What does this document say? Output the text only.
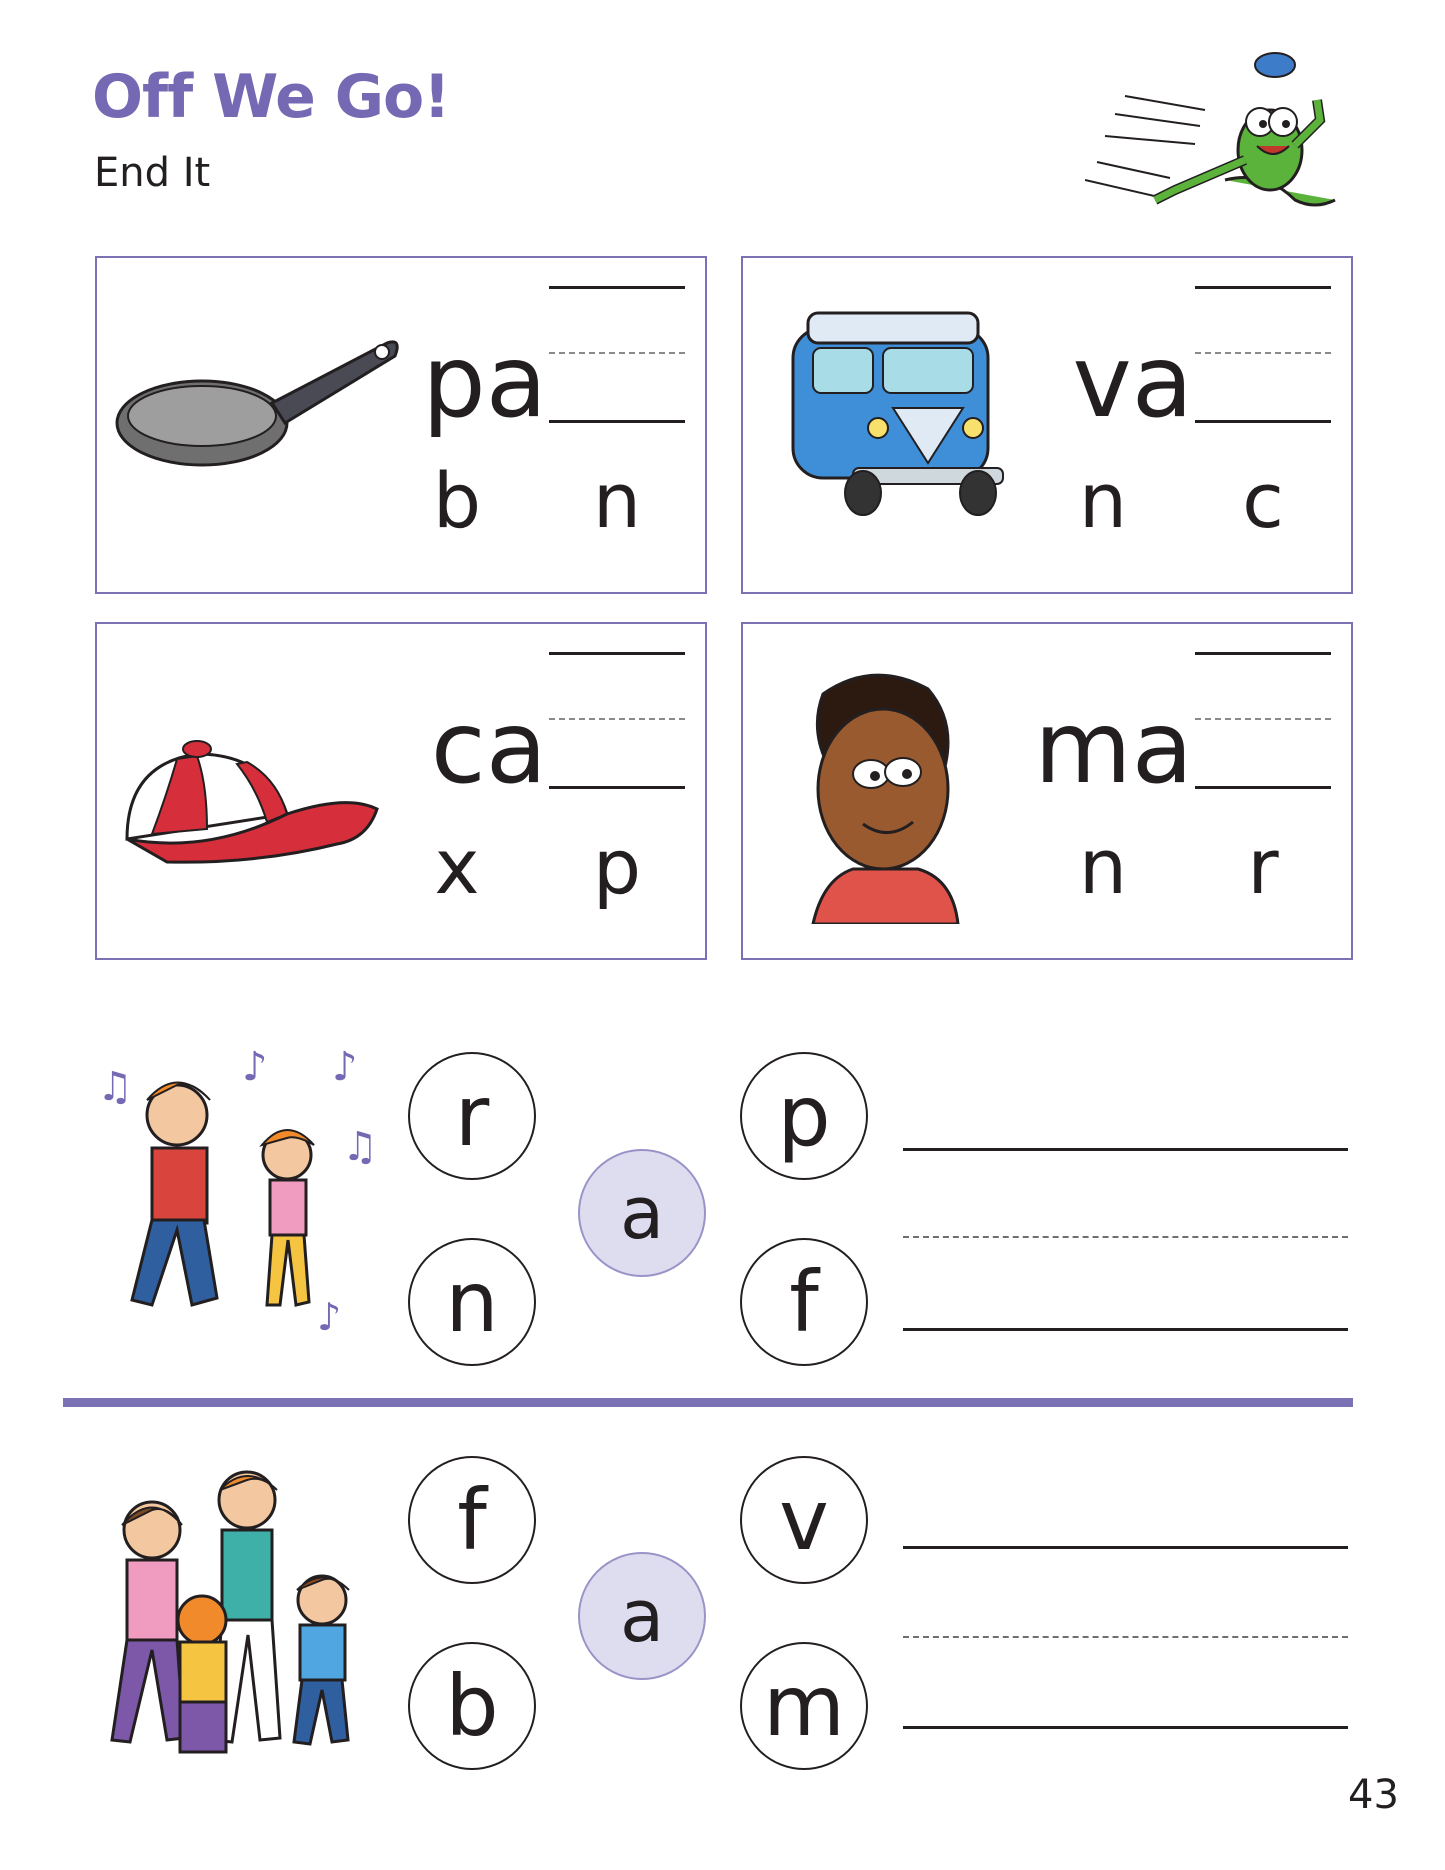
Off We Go!
End It
pa
b n
va
n c
ca
x p
ma
n	r
♫	♪ ♪
♫
♪
r
n
a
p
f
f
b
a
v
m
43
